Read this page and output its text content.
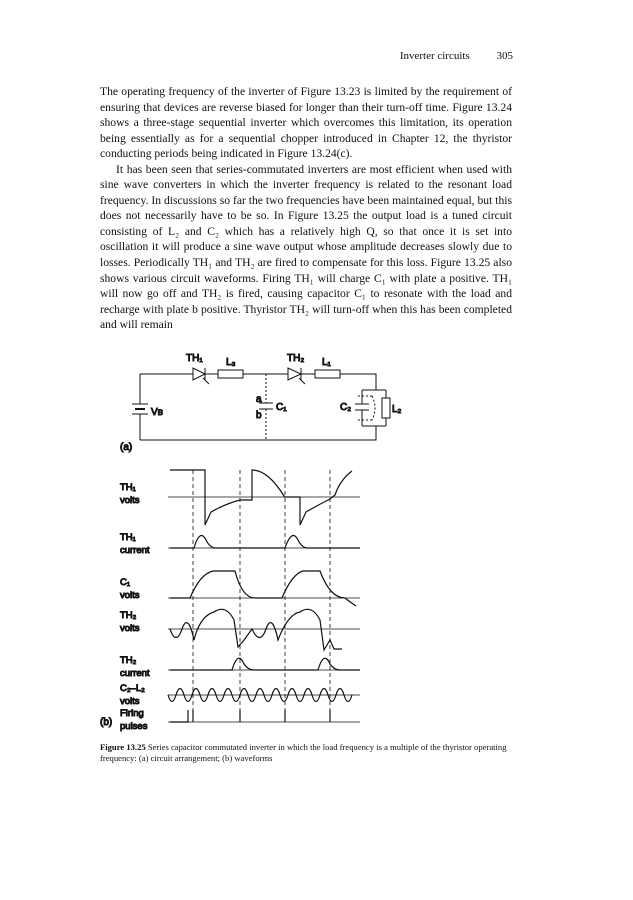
Inverter circuits 305

The operating frequency of the inverter of Figure 13.23 is limited by the requirement of ensuring that devices are reverse biased for longer than their turn-off time. Figure 13.24 shows a three-stage sequential inverter which overcomes this limitation, its operation being essentially as for a sequential chopper introduced in Chapter 12, the thyristor conducting periods being indicated in Figure 13.24(c).

It has been seen that series-commutated inverters are most efficient when used with sine wave converters in which the inverter frequency is related to the resonant load frequency. In discussions so far the two frequencies have been maintained equal, but this does not necessarily have to be so. In Figure 13.25 the output load is a tuned circuit consisting of L₂ and C₂ which has a relatively high Q, so that once it is set into oscillation it will produce a sine wave output whose amplitude decreases slowly due to losses. Periodically TH₁ and TH₂ are fired to compensate for this loss. Figure 13.25 also shows various circuit waveforms. Firing TH₁ will charge C₁ with plate a positive. TH₁ will now go off and TH₂ is fired, causing capacitor C₁ to resonate with the load and recharge with plate b positive. Thyristor TH₂ will turn-off when this has been completed and will remain

TH₁ L₃	TH₂ L₁
Vʙ
a
b
C₁	C₂	L₂
(a)
TH₁
volts
TH₁
current
C₁
volts
TH₂
volts
TH₂
current
C₂–L₂
volts
Firing
pulses
(b)
Figure 13.25 Series capacitor commutated inverter in which the load frequency is a multiple of the thyristor operating frequency: (a) circuit arrangement; (b) waveforms
